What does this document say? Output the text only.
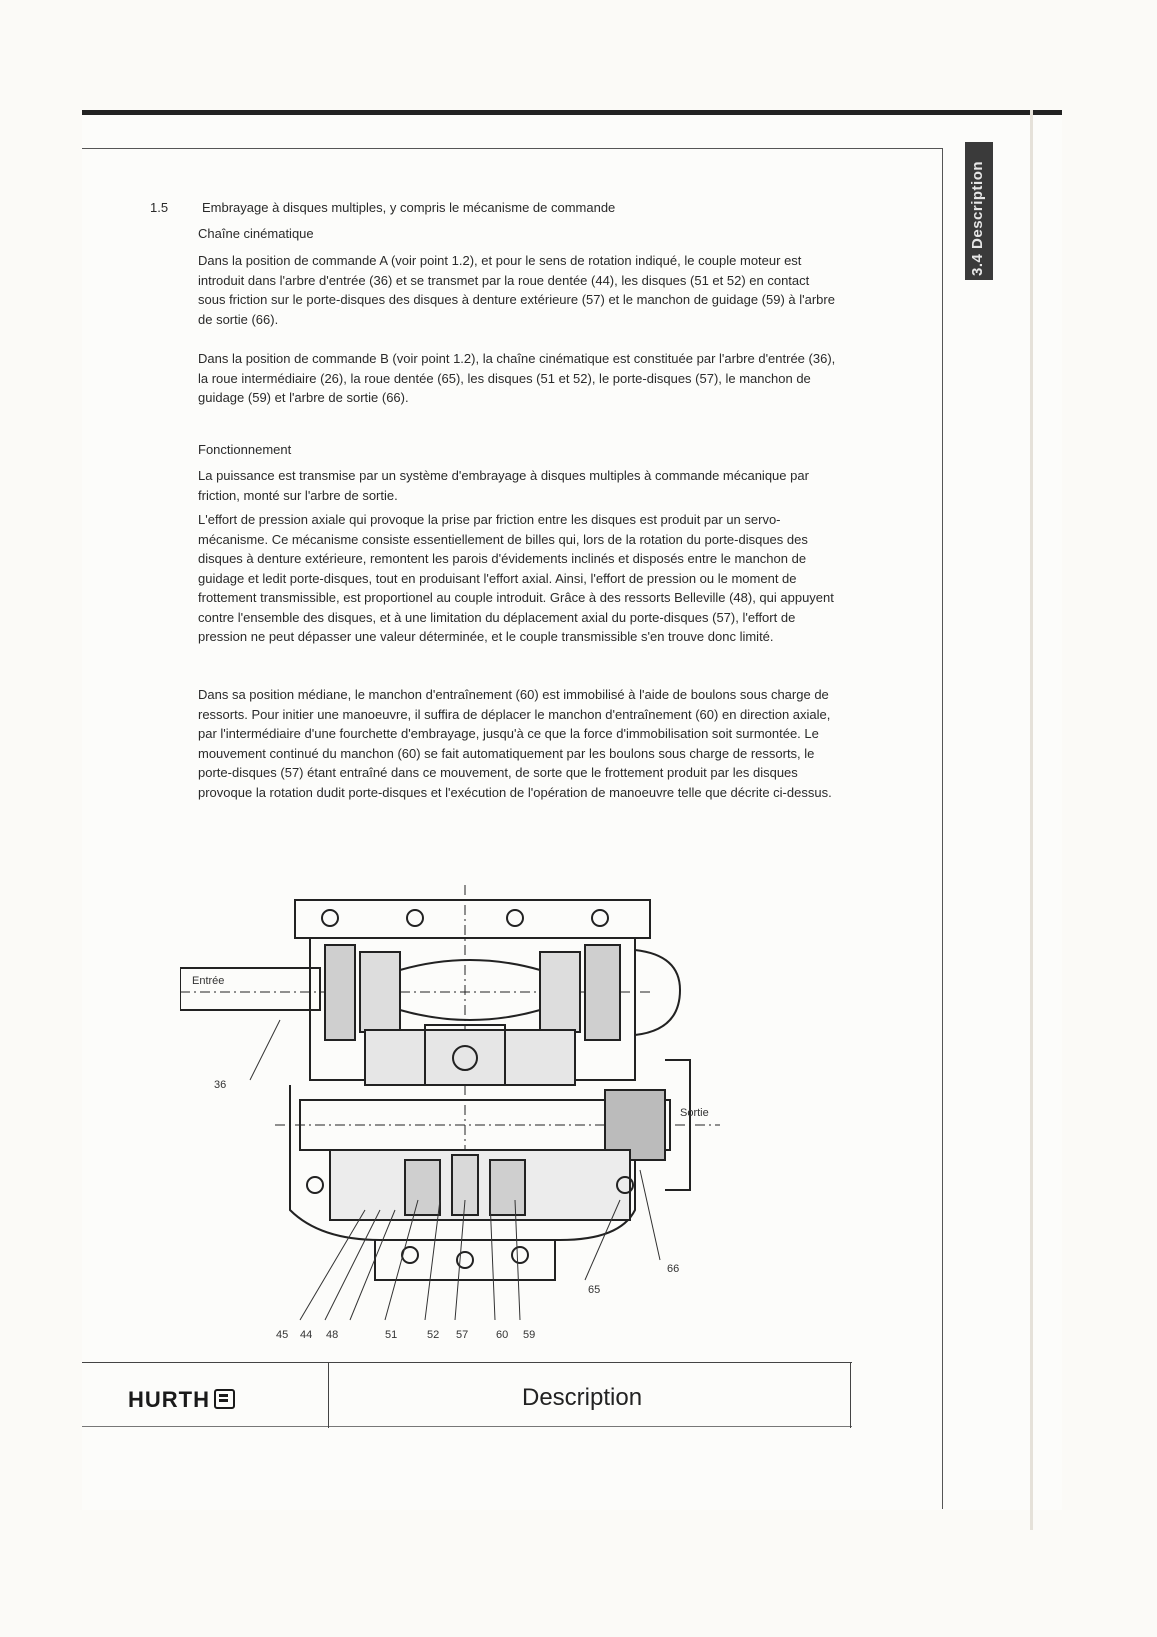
3.4 Description
1.5	Embrayage à disques multiples, y compris le mécanisme de commande
Chaîne cinématique

Dans la position de commande A (voir point 1.2), et pour le sens de rotation indiqué, le couple moteur est introduit dans l'arbre d'entrée (36) et se transmet par la roue dentée (44), les disques (51 et 52) en contact sous friction sur le porte-disques des disques à denture extérieure (57) et le manchon de guidage (59) à l'arbre de sortie (66).

Dans la position de commande B (voir point 1.2), la chaîne cinématique est constituée par l'arbre d'entrée (36), la roue intermédiaire (26), la roue dentée (65), les disques (51 et 52), le porte-disques (57), le manchon de guidage (59) et l'arbre de sortie (66).

Fonctionnement

La puissance est transmise par un système d'embrayage à disques multiples à commande mécanique par friction, monté sur l'arbre de sortie.

L'effort de pression axiale qui provoque la prise par friction entre les disques est produit par un servo-mécanisme. Ce mécanisme consiste essentiellement de billes qui, lors de la rotation du porte-disques des disques à denture extérieure, remontent les parois d'évidements inclinés et disposés entre le manchon de guidage et ledit porte-disques, tout en produisant l'effort axial. Ainsi, l'effort de pression ou le moment de frottement transmissible, est proportionel au couple introduit. Grâce à des ressorts Belleville (48), qui appuyent contre l'ensemble des disques, et à une limitation du déplacement axial du porte-disques (57), l'effort de pression ne peut dépasser une valeur déterminée, et le couple transmissible s'en trouve donc limité.

Dans sa position médiane, le manchon d'entraînement (60) est immobilisé à l'aide de boulons sous charge de ressorts. Pour initier une manoeuvre, il suffira de déplacer le manchon d'entraînement (60) en direction axiale, par l'intermédiaire d'une fourchette d'embrayage, jusqu'à ce que la force d'immobilisation soit surmontée. Le mouvement continué du manchon (60) se fait automatiquement par les boulons sous charge de ressorts, le porte-disques (57) étant entraîné dans ce mouvement, de sorte que le frottement produit par les disques provoque la rotation dudit porte-disques et l'exécution de l'opération de manoeuvre telle que décrite ci-dessus.

Entrée
Sortie
36
65
66
45 44 48	51	52 57	60 59
HURTH	Description
